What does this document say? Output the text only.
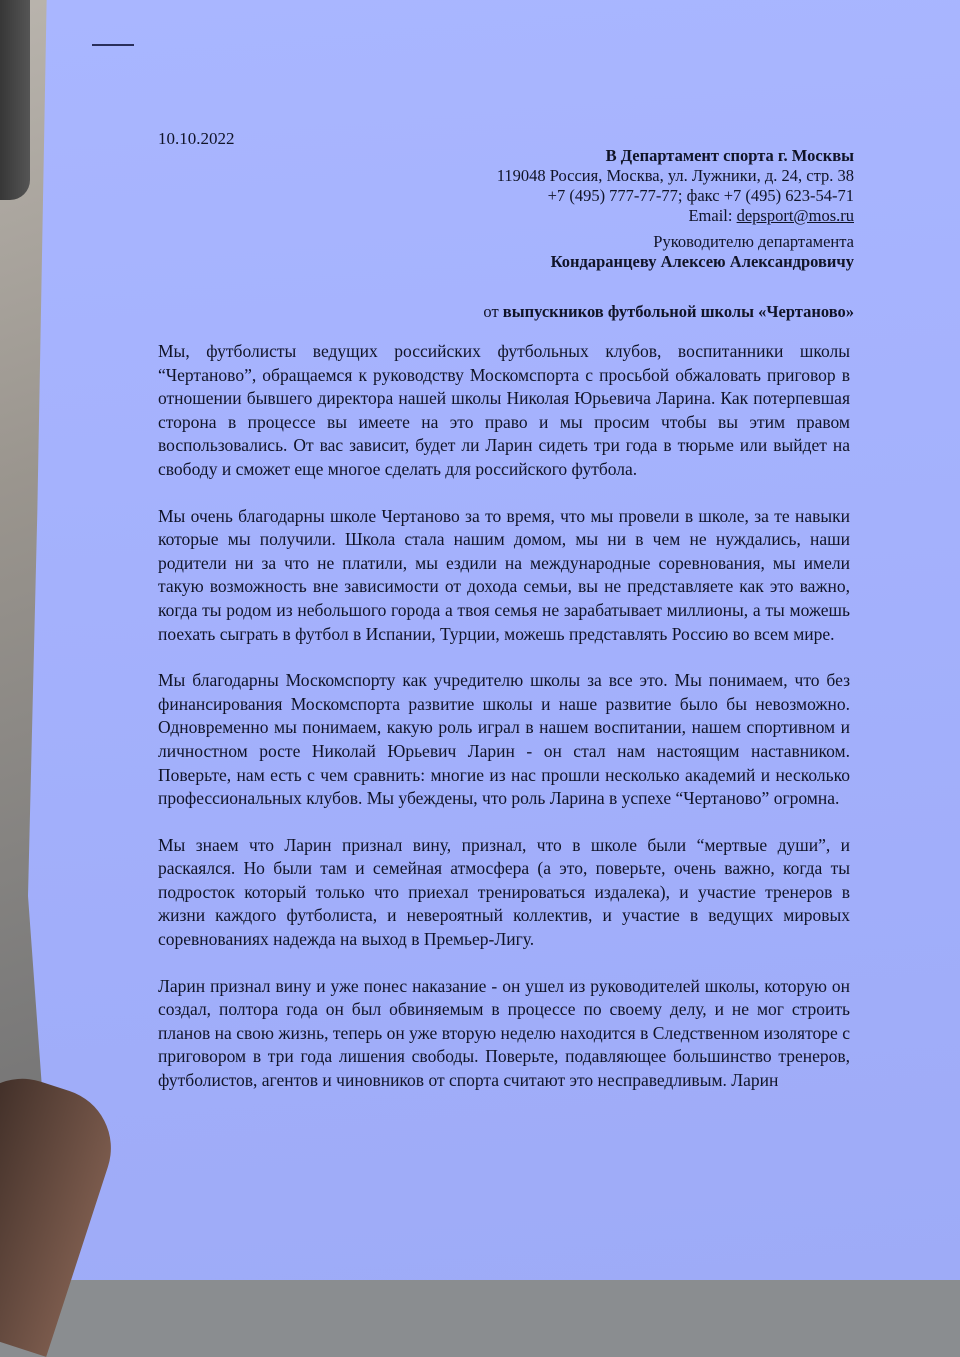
10.10.2022
В Департамент спорта г. Москвы
119048 Россия, Москва, ул. Лужники, д. 24, стр. 38
+7 (495) 777-77-77; факс +7 (495) 623-54-71
Email: depsport@mos.ru
Руководителю департамента
Кондаранцеву Алексею Александровичу
от выпускников футбольной школы «Чертаново»

Мы, футболисты ведущих российских футбольных клубов, воспитанники школы “Чертаново”, обращаемся к руководству Москомспорта с просьбой обжаловать приговор в отношении бывшего директора нашей школы Николая Юрьевича Ларина. Как потерпевшая сторона в процессе вы имеете на это право и мы просим чтобы вы этим правом воспользовались. От вас зависит, будет ли Ларин сидеть три года в тюрьме или выйдет на свободу и сможет еще многое сделать для российского футбола.

Мы очень благодарны школе Чертаново за то время, что мы провели в школе, за те навыки которые мы получили. Школа стала нашим домом, мы ни в чем не нуждались, наши родители ни за что не платили, мы ездили на международные соревнования, мы имели такую возможность вне зависимости от дохода семьи, вы не представляете как это важно, когда ты родом из небольшого города а твоя семья не зарабатывает миллионы, а ты можешь поехать сыграть в футбол в Испании, Турции, можешь представлять Россию во всем мире.

Мы благодарны Москомспорту как учредителю школы за все это. Мы понимаем, что без финансирования Москомспорта развитие школы и наше развитие было бы невозможно. Одновременно мы понимаем, какую роль играл в нашем воспитании, нашем спортивном и личностном росте Николай Юрьевич Ларин - он стал нам настоящим наставником. Поверьте, нам есть с чем сравнить: многие из нас прошли несколько академий и несколько профессиональных клубов. Мы убеждены, что роль Ларина в успехе “Чертаново” огромна.

Мы знаем что Ларин признал вину, признал, что в школе были “мертвые души”, и раскаялся. Но были там и семейная атмосфера (а это, поверьте, очень важно, когда ты подросток который только что приехал тренироваться издалека), и участие тренеров в жизни каждого футболиста, и невероятный коллектив, и участие в ведущих мировых соревнованиях надежда на выход в Премьер-Лигу.

Ларин признал вину и уже понес наказание - он ушел из руководителей школы, которую он создал, полтора года он был обвиняемым в процессе по своему делу, и не мог строить планов на свою жизнь, теперь он уже вторую неделю находится в Следственном изоляторе с приговором в три года лишения свободы. Поверьте, подавляющее большинство тренеров, футболистов, агентов и чиновников от спорта считают это несправедливым. Ларин
